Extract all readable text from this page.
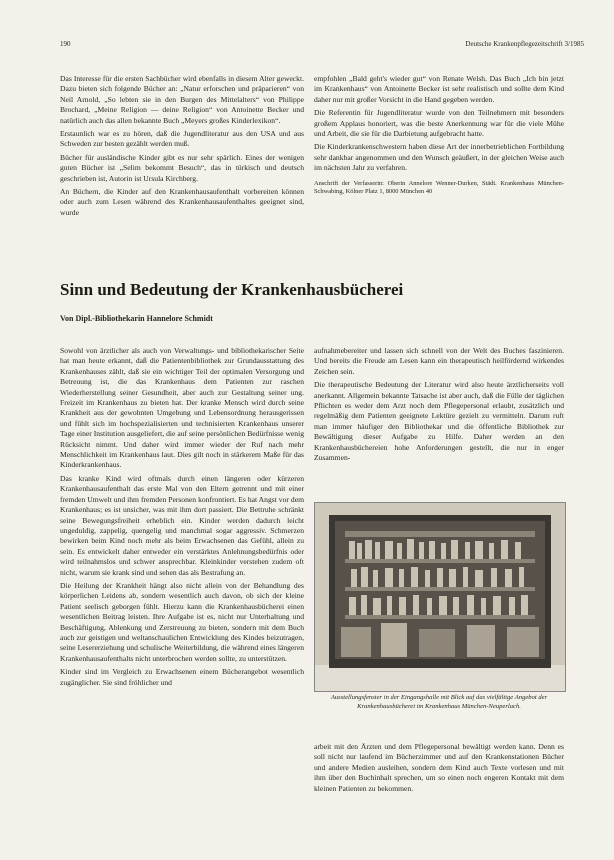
190	Deutsche Krankenpflegezeitschrift 3/1985

Das Interesse für die ersten Sachbücher wird ebenfalls in diesem Alter geweckt. Dazu bieten sich folgende Bücher an: „Natur erforschen und präparieren“ von Neil Arnold, „So lebten sie in den Burgen des Mittelalters“ von Philippe Brochard, „Meine Religion — deine Religion“ von Antoinette Becker und natürlich auch das allen bekannte Buch „Meyers großes Kinderlexikon“.

Erstaunlich war es zu hören, daß die Jugendliteratur aus den USA und aus Schweden zur besten gezählt werden muß.

Bücher für ausländische Kinder gibt es nur sehr spärlich. Eines der wenigen guten Bücher ist „Selim bekommt Besuch“, das in türkisch und deutsch geschrieben ist, Autorin ist Ursula Kirchberg.

An Büchern, die Kinder auf den Krankenhausaufenthalt vorbereiten können oder auch zum Lesen während des Krankenhausaufenthaltes geeignet sind, wurde

empfohlen „Bald geht's wieder gut“ von Renate Welsh. Das Buch „Ich bin jetzt im Krankenhaus“ von Antoinette Becker ist sehr realistisch und sollte dem Kind daher nur mit großer Vorsicht in die Hand gegeben werden.

Die Referentin für Jugendliteratur wurde von den Teilnehmern mit besonders großem Applaus honoriert, was die beste Anerkennung war für die viele Mühe und Arbeit, die sie für die Darbietung aufgebracht hatte.

Die Kinderkrankenschwestern haben diese Art der innerbetrieblichen Fortbildung sehr dankbar angenommen und den Wunsch geäußert, in der gleichen Weise auch im nächsten Jahr zu verfahren.

Anschrift der Verfasserin: Oberin Annelore Wenner-Durken, Städt. Krankenhaus München-Schwabing, Kölner Platz 1, 8000 München 40

Sinn und Bedeutung der Krankenhausbücherei
Von Dipl.-Bibliothekarin Hannelore Schmidt

Sowohl von ärztlicher als auch von Verwaltungs- und bibliothekarischer Seite hat man heute erkannt, daß die Patientenbibliothek zur Grundausstattung des Krankenhauses zählt, daß sie ein wichtiger Teil der optimalen Versorgung und Betreuung ist, die das Krankenhaus dem Patienten zur raschen Wiederherstellung seiner Gesundheit, aber auch zur Gestaltung seiner ung. Freizeit im Krankenhaus zu bieten hat. Der kranke Mensch wird durch seine Krankheit aus der gewohnten Umgebung und Lebensordnung herausgerissen und fühlt sich im hochspezialisierten und technisierten Krankenhaus unserer Tage einer Institution ausgeliefert, die auf seine persönlichen Bedürfnisse wenig Rücksicht nimmt. Und daher wird immer wieder der Ruf nach mehr Menschlichkeit im Krankenhaus laut. Dies gilt noch in stärkerem Maße für das Kinderkrankenhaus.

Das kranke Kind wird oftmals durch einen längeren oder kürzeren Krankenhausaufenthalt das erste Mal von den Eltern getrennt und mit einer fremden Umwelt und ihm fremden Personen konfrontiert. Es hat Angst vor dem Krankenhaus; es ist unsicher, was mit ihm dort passiert. Die Bettruhe schränkt seine Bewegungsfreiheit erheblich ein. Kinder werden dadurch leicht ungeduldig, zappelig, quengelig und manchmal sogar aggressiv. Schmerzen bewirken beim Kind noch mehr als beim Erwachsenen das Gefühl, allein zu sein. Es entwickelt daher entweder ein verstärktes Anlehnungsbedürfnis oder wird teilnahmslos und schwer ansprechbar. Kleinkinder verstehen zudem oft nicht, warum sie krank sind und sehen das als Bestrafung an.

Die Heilung der Krankheit hängt also nicht allein von der Behandlung des körperlichen Leidens ab, sondern wesentlich auch davon, ob sich der kleine Patient seelisch geborgen fühlt. Hierzu kann die Krankenhausbücherei einen wesentlichen Beitrag leisten. Ihre Aufgabe ist es, nicht nur Unterhaltung und Beschäftigung, Ablenkung und Zerstreuung zu bieten, sondern mit dem Buch auch zur geistigen und weltanschaulichen Entwicklung des Kindes beizutragen, seine Lesererziehung und schulische Weiterbildung, die während eines längeren Krankenhausaufenthalts nicht unterbrochen werden sollte, zu unterstützen.

Kinder sind im Vergleich zu Erwachsenen einem Bücherangebot wesentlich zugänglicher. Sie sind fröhlicher und

aufnahmebereiter und lassen sich schnell von der Welt des Buches faszinieren. Und bereits die Freude am Lesen kann ein therapeutisch heilfördernd wirkendes Zeichen sein.

Die therapeutische Bedeutung der Literatur wird also heute ärztlicherseits voll anerkannt. Allgemein bekannte Tatsache ist aber auch, daß die Fülle der täglichen Pflichten es weder dem Arzt noch dem Pflegepersonal erlaubt, zusätzlich und regelmäßig dem Patienten geeignete Lektüre gezielt zu vermitteln. Darum ruft man immer häufiger den Bibliothekar und die öffentliche Bibliothek zur Bewältigung dieser Aufgabe zu Hilfe. Daher werden an den Krankenhausbüchereien hohe Anforderungen gestellt, die nur in enger Zusammen-

Ausstellungsfenster in der Eingangshalle mit Blick auf das vielfältige Angebot der Krankenhausbücherei im Krankenhaus München-Neuperlach.

arbeit mit den Ärzten und dem Pflegepersonal bewältigt werden kann. Denn es soll nicht nur laufend im Bücherzimmer und auf den Krankenstationen Bücher und andere Medien ausleihen, sondern dem Kind auch Texte vorlesen und mit ihm über den Buchinhalt sprechen, um so einen noch engeren Kontakt mit dem kleinen Patienten zu bekommen.
